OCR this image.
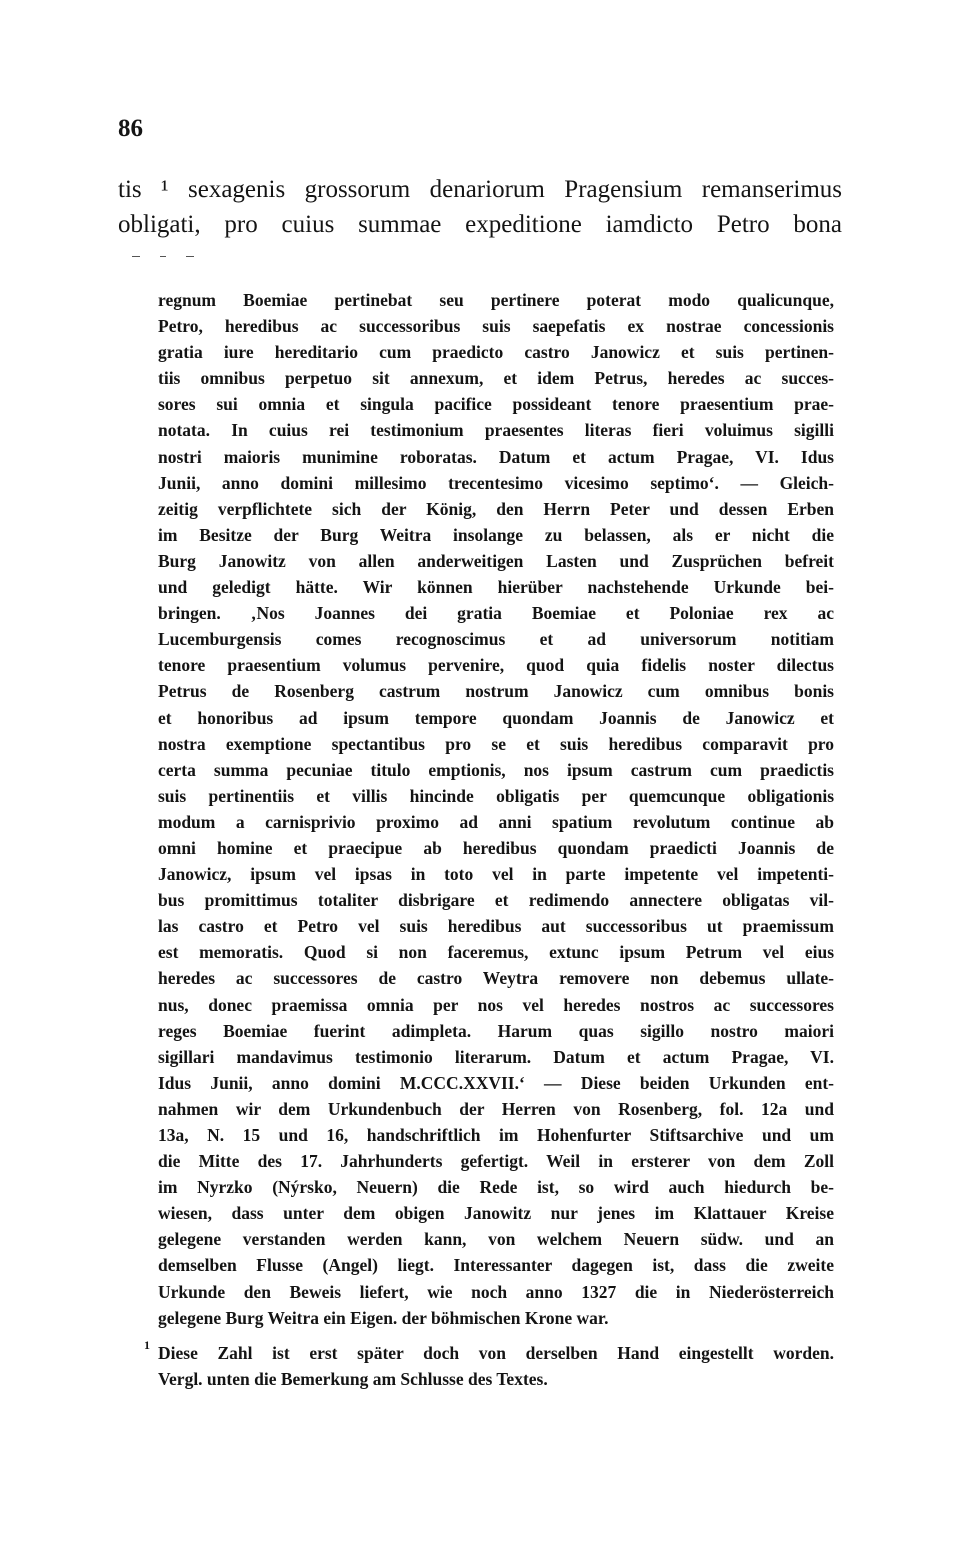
86
tis ¹ sexagenis grossorum denariorum Pragensium remanserimus
obligati, pro cuius summae expeditione iamdicto Petro bona
regnum Boemiae pertinebat seu pertinere poterat modo qualicunque,
Petro, heredibus ac successoribus suis saepefatis ex nostrae concessionis
gratia iure hereditario cum praedicto castro Janowicz et suis pertinen-
tiis omnibus perpetuo sit annexum, et idem Petrus, heredes ac succes-
sores sui omnia et singula pacifice possideant tenore praesentium prae-
notata. In cuius rei testimonium praesentes literas fieri voluimus sigilli
nostri maioris munimine roboratas. Datum et actum Pragae, VI. Idus
Junii, anno domini millesimo trecentesimo vicesimo septimo‘. — Gleich-
zeitig verpflichtete sich der König, den Herrn Peter und dessen Erben
im Besitze der Burg Weitra insolange zu belassen, als er nicht die
Burg Janowitz von allen anderweitigen Lasten und Zusprüchen befreit
und geledigt hätte. Wir können hierüber nachstehende Urkunde bei-
bringen. ‚Nos Joannes dei gratia Boemiae et Poloniae rex ac
Lucemburgensis comes recognoscimus et ad universorum notitiam
tenore praesentium volumus pervenire, quod quia fidelis noster dilectus
Petrus de Rosenberg castrum nostrum Janowicz cum omnibus bonis
et honoribus ad ipsum tempore quondam Joannis de Janowicz et
nostra exemptione spectantibus pro se et suis heredibus comparavit pro
certa summa pecuniae titulo emptionis, nos ipsum castrum cum praedictis
suis pertinentiis et villis hincinde obligatis per quemcunque obligationis
modum a carnisprivio proximo ad anni spatium revolutum continue ab
omni homine et praecipue ab heredibus quondam praedicti Joannis de
Janowicz, ipsum vel ipsas in toto vel in parte impetente vel impetenti-
bus promittimus totaliter disbrigare et redimendo annectere obligatas vil-
las castro et Petro vel suis heredibus aut successoribus ut praemissum
est memoratis. Quod si non faceremus, extunc ipsum Petrum vel eius
heredes ac successores de castro Weytra removere non debemus ullate-
nus, donec praemissa omnia per nos vel heredes nostros ac successores
reges Boemiae fuerint adimpleta. Harum quas sigillo nostro maiori
sigillari mandavimus testimonio literarum. Datum et actum Pragae, VI.
Idus Junii, anno domini M.CCC.XXVII.‘ — Diese beiden Urkunden ent-
nahmen wir dem Urkundenbuch der Herren von Rosenberg, fol. 12a und
13a, N. 15 und 16, handschriftlich im Hohenfurter Stiftsarchive und um
die Mitte des 17. Jahrhunderts gefertigt. Weil in ersterer von dem Zoll
im Nyrzko (Nýrsko, Neuern) die Rede ist, so wird auch hiedurch be-
wiesen, dass unter dem obigen Janowitz nur jenes im Klattauer Kreise
gelegene verstanden werden kann, von welchem Neuern südw. und an
demselben Flusse (Angel) liegt. Interessanter dagegen ist, dass die zweite
Urkunde den Beweis liefert, wie noch anno 1327 die in Niederösterreich
gelegene Burg Weitra ein Eigen. der böhmischen Krone war.
1 Diese Zahl ist erst später doch von derselben Hand eingestellt worden.
Vergl. unten die Bemerkung am Schlusse des Textes.
